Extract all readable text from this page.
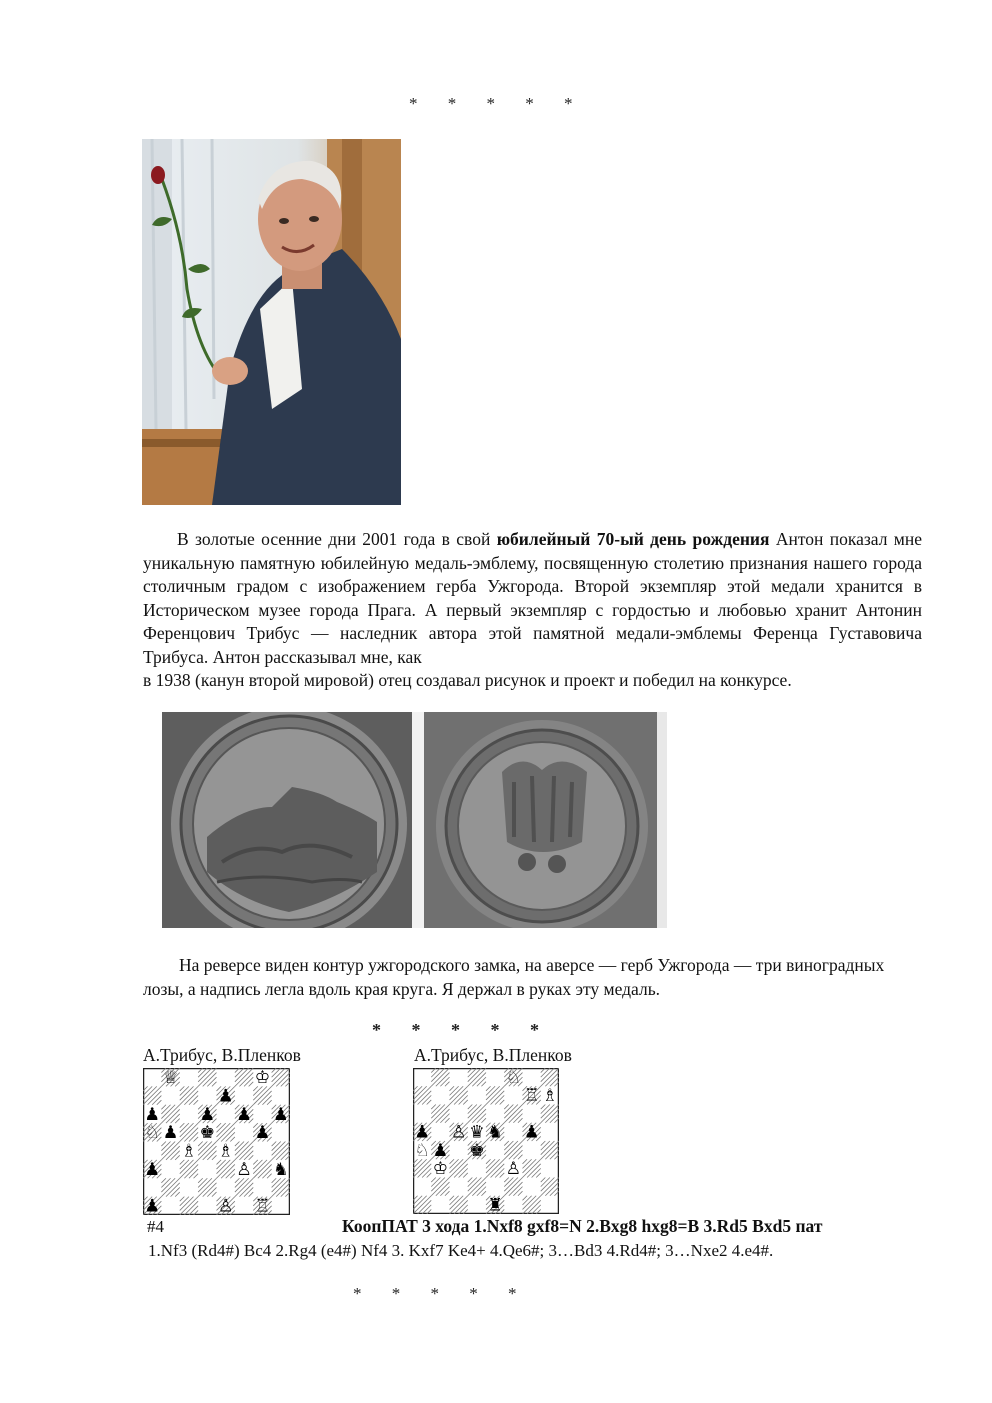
* * * * *
В золотые осенние дни 2001 года в свой юбилейный 70-ый день рождения Антон показал мне уникальную памятную юбилейную медаль-эмблему, посвященную столетию признания нашего города столичным градом с изображением герба Ужгорода. Второй экземпляр этой медали хранится в Историческом музее города Прага. А первый экземпляр с гордостью и любовью хранит Антонин Ференцович Трибус — наследник автора этой памятной медали-эмблемы Ференца Густавовича Трибуса. Антон рассказывал мне, как
в 1938 (канун второй мировой) отец создавал рисунок и проект и победил на конкурсе.
На реверсе виден контур ужгородского замка, на аверсе — герб Ужгорода — три виноградных лозы, а надпись легла вдоль края круга. Я держал в руках эту медаль.
* * * * *
А.Трибус, В.Пленков	А.Трибус, В.Пленков
♕	♔
♟
♟ ♟ ♟ ♟
♘ ♟ ♚ ♟
♗ ♗
♟	♙ ♞
♟	♙ ♖
♘
♖ ♗
♟ ♙ ♛ ♞ ♟
♘ ♟ ♚
♔	♙
♜
#4	КоопПАТ 3 хода 1.Nxf8 gxf8=N 2.Bxg8 hxg8=B 3.Rd5 Bxd5 пат
1.Nf3 (Rd4#) Bc4 2.Rg4 (e4#) Nf4 3. Kxf7 Ke4+ 4.Qe6#; 3…Bd3 4.Rd4#; 3…Nxe2 4.e4#.
* * * * *
